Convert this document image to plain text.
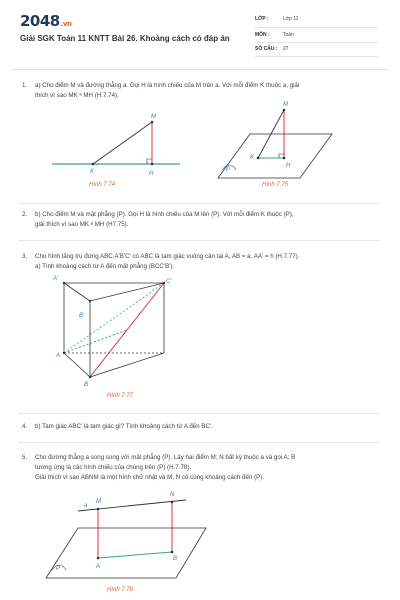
2048.vn
Giải SGK Toán 11 KNTT Bài 26. Khoảng cách có đáp án
LỚP :	Lớp 11
MÔN :	Toán
SỐ CÂU : 27
1. a) Cho điểm M và đường thẳng a. Gọi H là hình chiếu của M trên a. Với mỗi điểm K thuộc a, giải
thích vì sao MK ᵃ MH (H.7.74).
2. b) Cho điểm M và mặt phẳng (P). Gọi H là hình chiếu của M lên (P). Với mỗi điểm K thuộc (P),
giải thích vì sao MK ᵃ MH (H7.75).
3. Cho hình lăng trụ đứng ABC.A'B'C' có ABC là tam giác vuông cân tại A, AB = a, AA' = h (H.7.77).
a) Tính khoảng cách từ A đến mặt phẳng (BCC'B').
4. b) Tam giác ABC' là tam giác gì? Tính khoảng cách từ A đến BC'.
5. Cho đường thẳng a song song với mặt phẳng (P). Lấy hai điểm M; N bất kỳ thuộc a và gọi A; B
tương ứng là các hình chiếu của chúng trên (P) (H.7.78).
Giải thích vì sao ABNM là một hình chữ nhật và M, N có cùng khoảng cách đến (P).
M
K	H
Hình 7.74
M
K
H
P
Hình 7.75
A'	C'
B'
A
B
Hình 7.77
a
M
N
A
B
P
Hình 7.78
